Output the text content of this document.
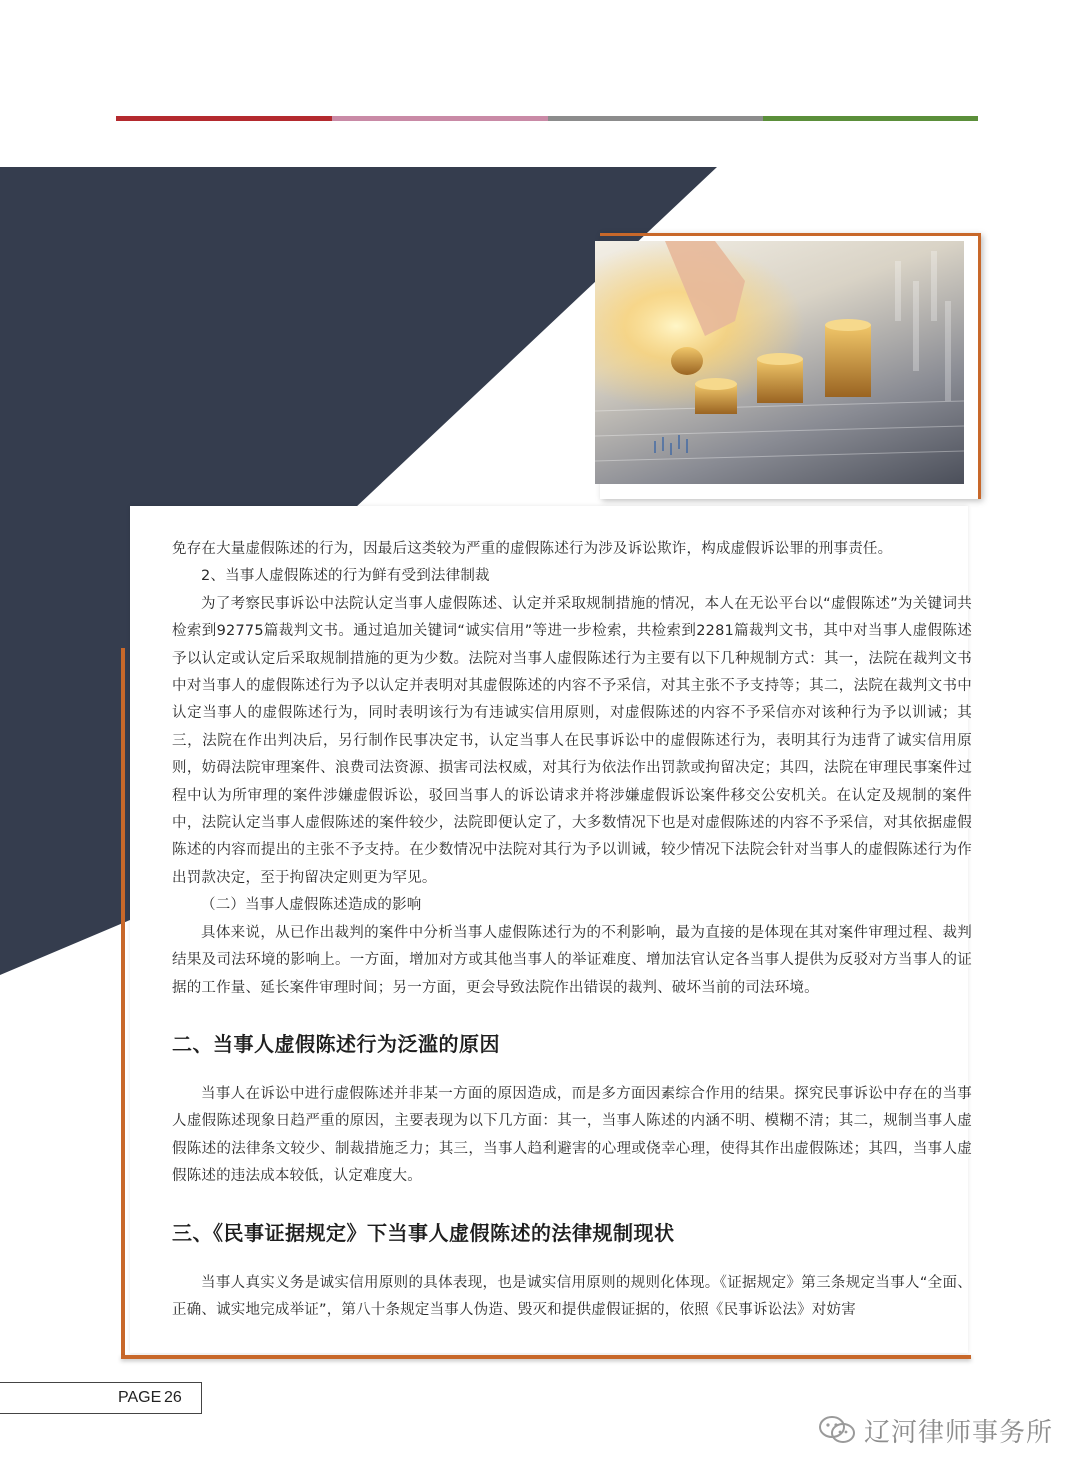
免存在大量虚假陈述的行为，因最后这类较为严重的虚假陈述行为涉及诉讼欺诈，构成虚假诉讼罪的刑事责任。

2、当事人虚假陈述的行为鲜有受到法律制裁

为了考察民事诉讼中法院认定当事人虚假陈述、认定并采取规制措施的情况，本人在无讼平台以“虚假陈述”为关键词共检索到92775篇裁判文书。通过追加关键词“诚实信用”等进一步检索，共检索到2281篇裁判文书，其中对当事人虚假陈述予以认定或认定后采取规制措施的更为少数。法院对当事人虚假陈述行为主要有以下几种规制方式：其一，法院在裁判文书中对当事人的虚假陈述行为予以认定并表明对其虚假陈述的内容不予采信，对其主张不予支持等；其二，法院在裁判文书中认定当事人的虚假陈述行为，同时表明该行为有违诚实信用原则，对虚假陈述的内容不予采信亦对该种行为予以训诫；其三，法院在作出判决后，另行制作民事决定书，认定当事人在民事诉讼中的虚假陈述行为，表明其行为违背了诚实信用原则，妨碍法院审理案件、浪费司法资源、损害司法权威，对其行为依法作出罚款或拘留决定；其四，法院在审理民事案件过程中认为所审理的案件涉嫌虚假诉讼，驳回当事人的诉讼请求并将涉嫌虚假诉讼案件移交公安机关。在认定及规制的案件中，法院认定当事人虚假陈述的案件较少，法院即便认定了，大多数情况下也是对虚假陈述的内容不予采信，对其依据虚假陈述的内容而提出的主张不予支持。在少数情况中法院对其行为予以训诫，较少情况下法院会针对当事人的虚假陈述行为作出罚款决定，至于拘留决定则更为罕见。

（二）当事人虚假陈述造成的影响

具体来说，从已作出裁判的案件中分析当事人虚假陈述行为的不利影响，最为直接的是体现在其对案件审理过程、裁判结果及司法环境的影响上。一方面，增加对方或其他当事人的举证难度、增加法官认定各当事人提供为反驳对方当事人的证据的工作量、延长案件审理时间；另一方面，更会导致法院作出错误的裁判、破坏当前的司法环境。

二、当事人虚假陈述行为泛滥的原因

当事人在诉讼中进行虚假陈述并非某一方面的原因造成，而是多方面因素综合作用的结果。探究民事诉讼中存在的当事人虚假陈述现象日趋严重的原因，主要表现为以下几方面：其一，当事人陈述的内涵不明、模糊不清；其二，规制当事人虚假陈述的法律条文较少、制裁措施乏力；其三，当事人趋利避害的心理或侥幸心理，使得其作出虚假陈述；其四，当事人虚假陈述的违法成本较低，认定难度大。

三、《民事证据规定》下当事人虚假陈述的法律规制现状

当事人真实义务是诚实信用原则的具体表现，也是诚实信用原则的规则化体现。《证据规定》第三条规定当事人“全面、正确、诚实地完成举证”，第八十条规定当事人伪造、毁灭和提供虚假证据的，依照《民事诉讼法》对妨害

PAGE 26
辽河律师事务所
